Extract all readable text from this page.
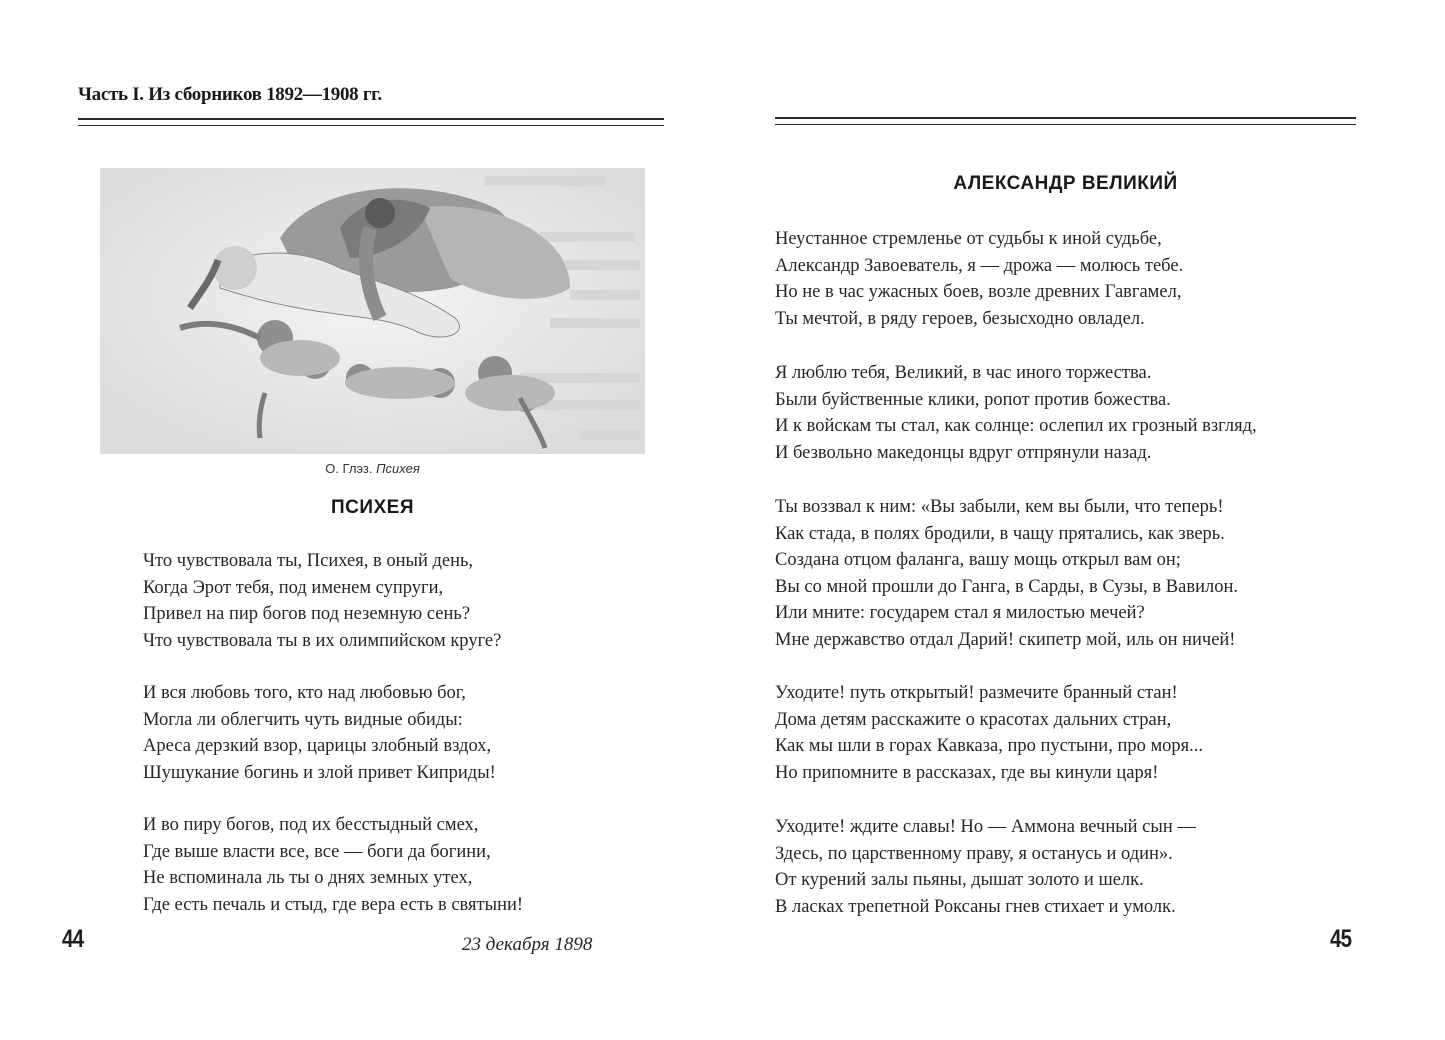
Часть I. Из сборников 1892—1908 гг.
О. Глэз. Психея
ПСИХЕЯ
Что чувствовала ты, Психея, в оный день,
Когда Эрот тебя, под именем супруги,
Привел на пир богов под неземную сень?
Что чувствовала ты в их олимпийском круге?
И вся любовь того, кто над любовью бог,
Могла ли облегчить чуть видные обиды:
Ареса дерзкий взор, царицы злобный вздох,
Шушукание богинь и злой привет Киприды!
И во пиру богов, под их бесстыдный смех,
Где выше власти все, все — боги да богини,
Не вспоминала ль ты о днях земных утех,
Где есть печаль и стыд, где вера есть в святыни!
23 декабря 1898
44
АЛЕКСАНДР ВЕЛИКИЙ
Неустанное стремленье от судьбы к иной судьбе,
Александр Завоеватель, я — дрожа — молюсь тебе.
Но не в час ужасных боев, возле древних Гавгамел,
Ты мечтой, в ряду героев, безысходно овладел.
Я люблю тебя, Великий, в час иного торжества.
Были буйственные клики, ропот против божества.
И к войскам ты стал, как солнце: ослепил их грозный взгляд,
И безвольно македонцы вдруг отпрянули назад.
Ты воззвал к ним: «Вы забыли, кем вы были, что теперь!
Как стада, в полях бродили, в чащу прятались, как зверь.
Создана отцом фаланга, вашу мощь открыл вам он;
Вы со мной прошли до Ганга, в Сарды, в Сузы, в Вавилон.
Или мните: государем стал я милостью мечей?
Мне державство отдал Дарий! скипетр мой, иль он ничей!
Уходите! путь открытый! размечите бранный стан!
Дома детям расскажите о красотах дальних стран,
Как мы шли в горах Кавказа, про пустыни, про моря...
Но припомните в рассказах, где вы кинули царя!
Уходите! ждите славы! Но — Аммона вечный сын —
Здесь, по царственному праву, я останусь и один».
От курений залы пьяны, дышат золото и шелк.
В ласках трепетной Роксаны гнев стихает и умолк.
45
